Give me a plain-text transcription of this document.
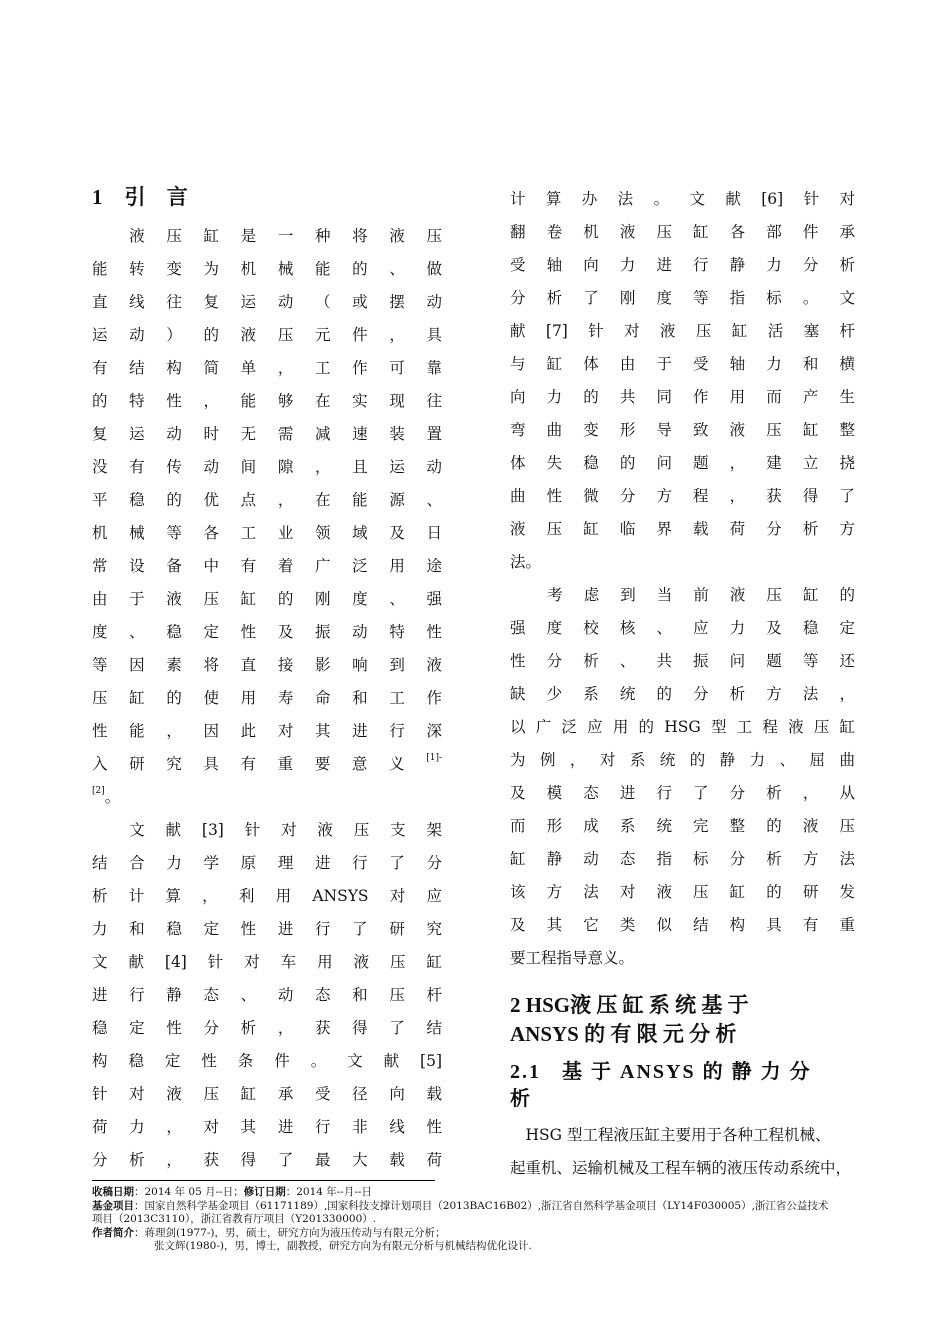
1 引 言

液压缸是一种将液压

能转变为机械能的、做

直线往复运动（或摆动

运动）的液压元件，具

有结构简单，工作可靠

的特性，能够在实现往

复运动时无需减速装置

没有传动间隙，且运动

平稳的优点，在能源、

机械等各工业领域及日

常设备中有着广泛用途

由于液压缸的刚度、强

度、稳定性及振动特性

等因素将直接影响到液

压缸的使用寿命和工作

性能，因此对其进行深

入研究具有重要意义$^{[1]-}$

[2]。

文献[3]针对液压支架

结合力学原理进行了分

析计算，利用ANSYS对应

力和稳定性进行了研究

文献[4]针对车用液压缸

进行静态、动态和压杆

稳定性分析，获得了结

构稳定性条件。文献[5]

针对液压缸承受径向载

荷力，对其进行非线性

分析，获得了最大载荷

计算办法。文献[6]针对

翻卷机液压缸各部件承

受轴向力进行静力分析

分析了刚度等指标。文

献[7]针对液压缸活塞杆

与缸体由于受轴力和横

向力的共同作用而产生

弯曲变形导致液压缸整

体失稳的问题，建立挠

曲性微分方程，获得了

液压缸临界载荷分析方

法。

考虑到当前液压缸的

强度校核、应力及稳定

性分析、共振问题等还

缺少系统的分析方法，

以广泛应用的HSG型工程液压缸

为例，对系统的静力、屈曲

及模态进行了分析，从

而形成系统完整的液压

缸静动态指标分析方法

该方法对液压缸的研发

及其它类似结构具有重

要工程指导意义。

2 HSG液 压 缸 系 统 基 于
ANSYS 的 有 限 元 分 析
2.1   基 于 ANSYS 的 静 力 分
析

HSG 型工程液压缸主要用于各种工程机械、

起重机、运输机械及工程车辆的液压传动系统中，

收稿日期：2014 年 05 月--日；修订日期：2014 年--月--日

基金项目：国家自然科学基金项目（61171189）,国家科技支撑计划项目（2013BAC16B02）,浙江省自然科学基金项目（LY14F030005）,浙江省公益技术

项目（2013C3110），浙江省教育厅项目（Y201330000）.

作者简介：蒋理剑(1977-)，男，硕士，研究方向为液压传动与有限元分析；

张文辉(1980-)，男，博士，副教授，研究方向为有限元分析与机械结构优化设计.
